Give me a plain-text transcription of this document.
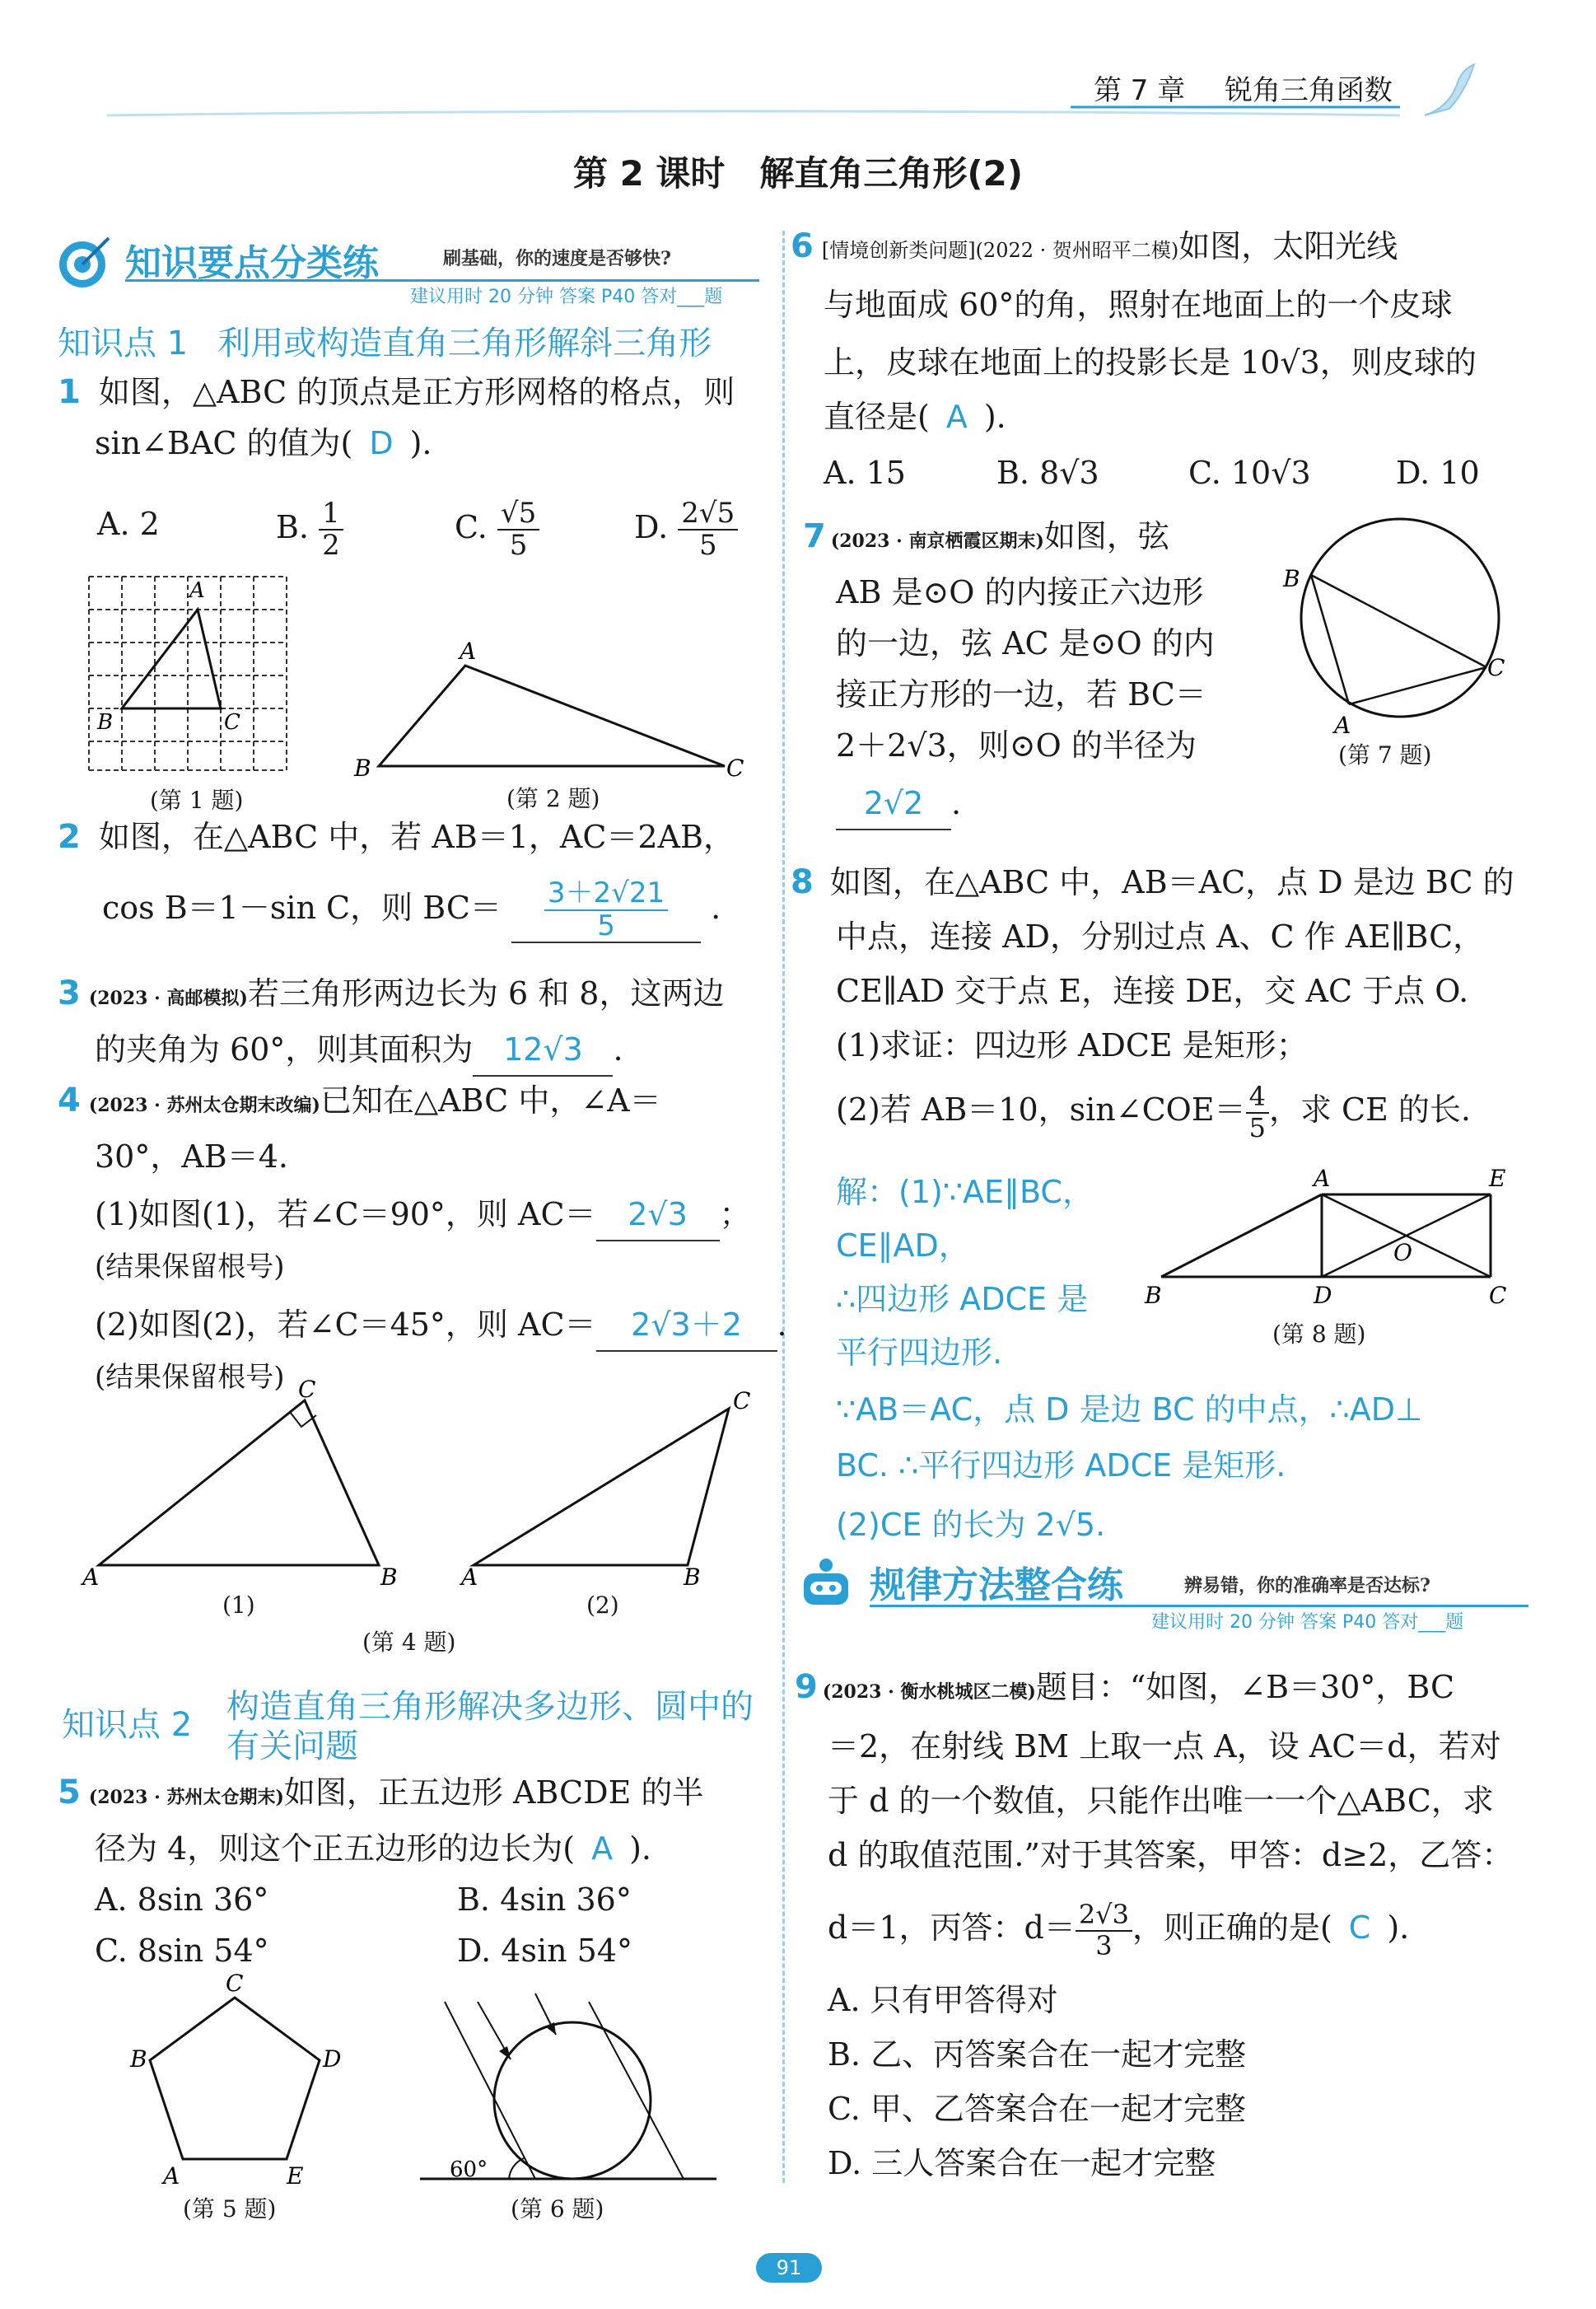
第 7 章 锐角三角函数
第 2 课时　解直角三角形(2)
知识要点分类练	刷基础，你的速度是否够快?
建议用时 20 分钟 答案 P40 答对___题
知识点 1 利用或构造直角三角形解斜三角形
1 如图，△ABC 的顶点是正方形网格的格点，则
sin∠BAC 的值为( D ).
A. 2	B. $\frac{1}{2}$	C. $\frac{√5}{5}$	D. $\frac{2√5}{5}$
A
B	C
(第 1 题)
A
B	C
(第 2 题)
2 如图，在△ABC 中，若 AB＝1，AC＝2AB，
cos B＝1－sin C，则 $BC= \frac{3+2√21}{5}$ .
3 (2023 · 高邮模拟)若三角形两边长为 6 和 8，这两边
的夹角为 60°，则其面积为 12√3 .
4 (2023 · 苏州太仓期末改编)已知在△ABC 中，∠A＝
30°，AB＝4.
(1)如图(1)，若∠C＝90°，则 AC＝ 2√3 ；
(结果保留根号)
(2)如图(2)，若∠C＝45°，则 AC＝ 2√3＋2 .
(结果保留根号) C
A	B
C
A	B
(1)	(2)
(第 4 题)
知识点 2 构造直角三角形解决多边形、圆中的
有关问题
5 (2023 · 苏州太仓期末)如图，正五边形 ABCDE 的半
径为 4，则这个正五边形的边长为( A ).
A. 8sin 36°	B. 4sin 36°
C. 8sin 54°	D. 4sin 54°
C
B	D
A	E
(第 5 题)
60°
(第 6 题)
6 [情境创新类问题](2022 · 贺州昭平二模)如图，太阳光线
与地面成 60°的角，照射在地面上的一个皮球
上，皮球在地面上的投影长是 10√3，则皮球的
直径是( A ).
A. 15	B. 8√3	C. 10√3	D. 10
7 (2023 · 南京栖霞区期末)如图，弦
AB 是⊙O 的内接正六边形
的一边，弦 AC 是⊙O 的内
接正方形的一边，若 BC＝
2＋2√3，则⊙O 的半径为
2√2 .
B
C
A
(第 7 题)
8 如图，在△ABC 中，AB＝AC，点 D 是边 BC 的
中点，连接 AD，分别过点 A、C 作 AE∥BC，
CE∥AD 交于点 E，连接 DE，交 AC 于点 O.
(1)求证：四边形 ADCE 是矩形；
(2)若 AB＝10，sin∠COE＝ $\frac{4}{5}$ ，求 CE 的长.
解：(1)∵AE∥BC，
CE∥AD，
∴四边形 ADCE 是
平行四边形.
∵AB＝AC，点 D 是边 BC 的中点，∴AD⊥
BC. ∴平行四边形 ADCE 是矩形.
(2)CE 的长为 2√5.
A	E
B	D	C
O
(第 8 题)
规律方法整合练	辨易错，你的准确率是否达标?
建议用时 20 分钟 答案 P40 答对___题
9 (2023 · 衡水桃城区二模)题目：“如图，∠B＝30°，BC
＝2，在射线 BM 上取一点 A，设 AC＝d，若对
于 d 的一个数值，只能作出唯一一个△ABC，求
d 的取值范围.”对于其答案，甲答：d≥2，乙答：
d＝1，丙答：$d= \frac{2√3}{3}$ ，则正确的是( C ).
A. 只有甲答得对
B. 乙、丙答案合在一起才完整
C. 甲、乙答案合在一起才完整
D. 三人答案合在一起才完整
91
